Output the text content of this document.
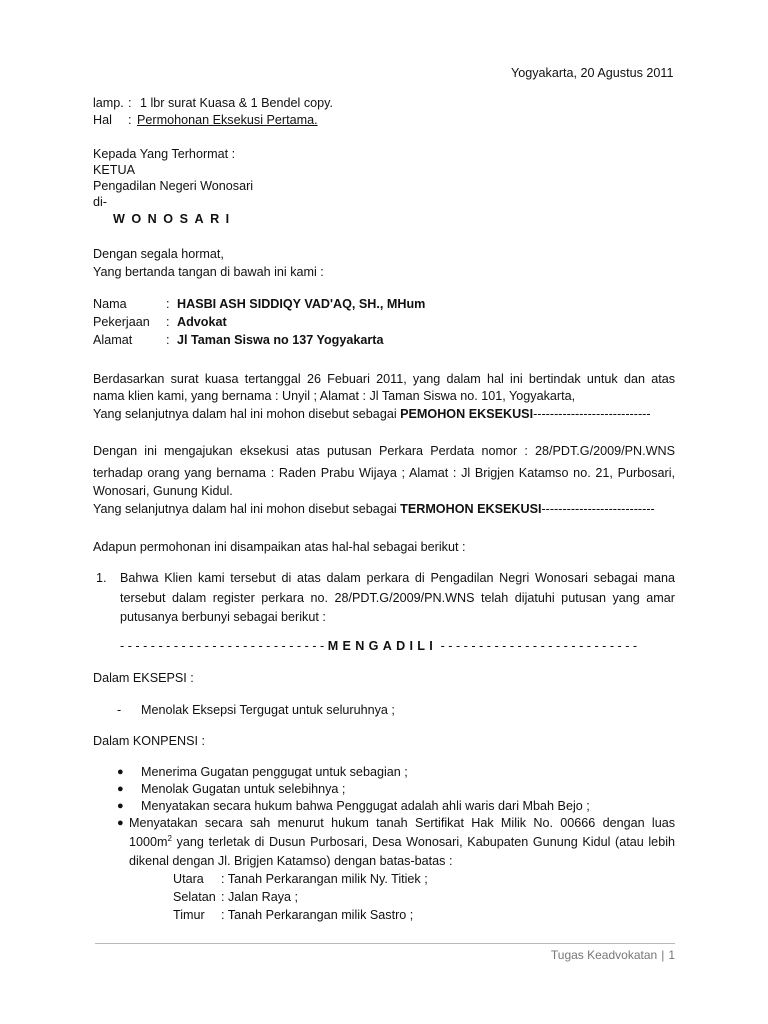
Yogyakarta, 20 Agustus 2011
lamp. : 1 lbr surat Kuasa & 1 Bendel copy.
Hal : Permohonan Eksekusi Pertama.
Kepada Yang Terhormat :
KETUA
Pengadilan Negeri Wonosari
di-
WONOSARI
Dengan segala hormat,
Yang bertanda tangan di bawah ini kami :
Nama	: HASBI ASH SIDDIQY VAD'AQ, SH., MHum
Pekerjaan : Advokat
Alamat	: Jl Taman Siswa no 137 Yogyakarta
Berdasarkan surat kuasa tertanggal 26 Febuari 2011, yang dalam hal ini bertindak untuk dan atas
nama klien kami, yang bernama : Unyil ; Alamat : Jl Taman Siswa no. 101, Yogyakarta,
Yang selanjutnya dalam hal ini mohon disebut sebagai PEMOHON EKSEKUSI----------------------------
Dengan ini mengajukan eksekusi atas putusan Perkara Perdata nomor : 28/PDT.G/2009/PN.WNS
terhadap orang yang bernama : Raden Prabu Wijaya ; Alamat : Jl Brigjen Katamso no. 21, Purbosari,
Wonosari, Gunung Kidul.
Yang selanjutnya dalam hal ini mohon disebut sebagai TERMOHON EKSEKUSI---------------------------
Adapun permohonan ini disampaikan atas hal-hal sebagai berikut :
1. Bahwa Klien kami tersebut di atas dalam perkara di Pengadilan Negri Wonosari sebagai mana
tersebut dalam register perkara no. 28/PDT.G/2009/PN.WNS telah dijatuhi putusan yang amar
putusanya berbunyi sebagai berikut :
- - - - - - - - - - - - - - - - - - - - - - - - - - - MENGADILI - - - - - - - - - - - - - - - - - - - - - - - - - -
Dalam EKSEPSI :
- Menolak Eksepsi Tergugat untuk seluruhnya ;
Dalam KONPENSI :
● Menerima Gugatan penggugat untuk sebagian ;
● Menolak Gugatan untuk selebihnya ;
● Menyatakan secara hukum bahwa Penggugat adalah ahli waris dari Mbah Bejo ;
● Menyatakan secara sah menurut hukum tanah Sertifikat Hak Milik No. 00666 dengan luas
$1000m^2$ yang terletak di Dusun Purbosari, Desa Wonosari, Kabupaten Gunung Kidul (atau lebih
dikenal dengan Jl. Brigjen Katamso) dengan batas-batas :
Utara : Tanah Perkarangan milik Ny. Titiek ;
Selatan : Jalan Raya ;
Timur : Tanah Perkarangan milik Sastro ;
Tugas Keadvokatan | 1
